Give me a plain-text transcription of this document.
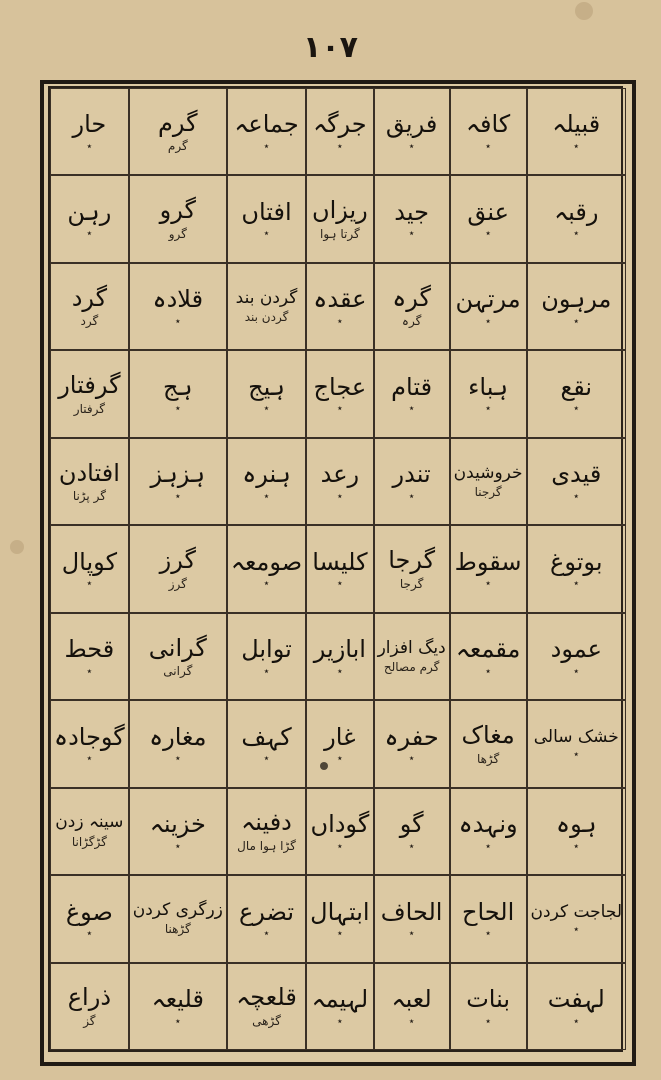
١٠٧
حار
٭
گرم
گرم
جماعہ
٭
جرگہ
٭
فریق
٭
کافہ
٭
قبیلہ
٭
رہن
٭
گرو
گرو
افتاں
٭
ریزاں
گرتا ہوا
جید
٭
عنق
٭
رقبہ
٭
گرد
گرد
قلادہ
٭
گردن بند
گردن بند
عقدہ
٭
گرہ
گرہ
مرتہن
٭
مرہون
٭
گرفتار
گرفتار
ہج
٭
ہیج
٭
عجاج
٭
قتام
٭
ہباء
٭
نقع
٭
افتادن
گر پڑنا
ہزہز
٭
ہنرہ
٭
رعد
٭
تندر
٭
خروشیدن
گرجنا
قیدی
٭
کوپال
٭
گرز
گرز
صومعہ
٭
کلیسا
٭
گرجا
گرجا
سقوط
٭
بوتوغ
٭
قحط
٭
گرانی
گرانی
توابل
٭
ابازیر
٭
دیگ افزار
گرم مصالح
مقمعہ
٭
عمود
٭
گوجادہ
٭
مغارہ
٭
کہف
٭
غار
٭
حفرہ
٭
مغاک
گڑھا
خشک سالی
٭
سینہ زدن
گڑگڑانا
خزینہ
٭
دفینہ
گڑا ہوا مال
گوداں
٭
گو
٭
ونہدہ
٭
ہوہ
٭
صوغ
٭
زرگری کردن
گڑھنا
تضرع
٭
ابتہال
٭
الحاف
٭
الحاح
٭
لجاجت کردن
٭
ذراع
گز
قلیعہ
٭
قلعچہ
گڑھی
لہیمہ
٭
لعبہ
٭
بنات
٭
لہفت
٭
